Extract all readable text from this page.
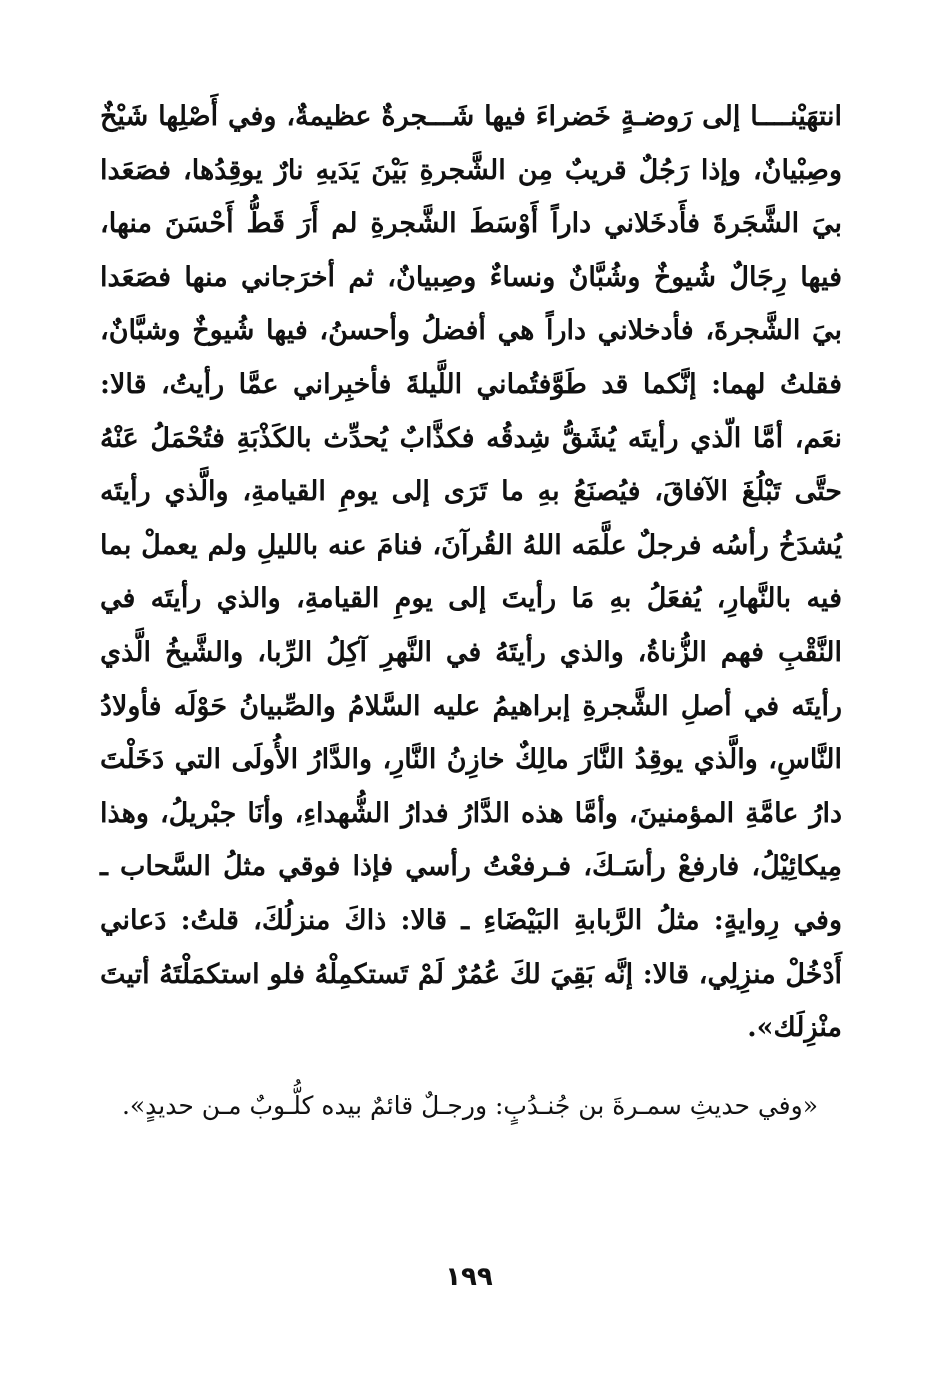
انتهَيْنــــا إلى رَوضـةٍ خَضراءَ فيها شَـــجرةٌ عظيمةٌ، وفي أَصْلِها شَيْخٌ وصِبْيانٌ، وإذا رَجُلٌ قريبٌ مِن الشَّجرةِ بَيْنَ يَدَيهِ نارٌ يوقِدُها، فصَعَدا بيَ الشَّجَرةَ فأَدخَلاني داراً أَوْسَطَ الشَّجرةِ لم أَرَ قَطُّ أَحْسَنَ منها، فيها رِجَالٌ شُيوخٌ وشُبَّانٌ ونساءٌ وصِبيانٌ، ثم أخرَجاني منها فصَعَدا بيَ الشَّجرةَ، فأدخلاني داراً هي أفضلُ وأحسنُ، فيها شُيوخٌ وشبَّانٌ، فقلتُ لهما: إنَّكما قد طَوَّفتُماني اللَّيلةَ فأخبِراني عمَّا رأيتُ، قالا: نعَم، أمَّا الّذي رأيتَه يُشَقُّ شِدقُه فكذَّابٌ يُحدِّث بالكَذْبَةِ فتُحْمَلُ عَنْهُ حتَّى تَبْلُغَ الآفاقَ، فيُصنَعُ بهِ ما تَرَى إلى يومِ القيامةِ، والَّذي رأيتَه يُشدَخُ رأسُه فرجلٌ علَّمَه اللهُ القُرآنَ، فنامَ عنه بالليلِ ولم يعملْ بما فيه بالنَّهارِ، يُفعَلُ بهِ مَا رأيتَ إلى يومِ القيامةِ، والذي رأيتَه في النَّقْبِ فهم الزُّناةُ، والذي رأيتَهُ في النَّهرِ آكِلُ الرِّبا، والشَّيخُ الَّذي رأيتَه في أصلِ الشَّجرةِ إبراهيمُ عليه السَّلامُ والصِّبيانُ حَوْلَه فأولادُ النَّاسِ، والَّذي يوقِدُ النَّارَ مالِكٌ خازِنُ النَّارِ، والدَّارُ الأُولَى التي دَخَلْتَ دارُ عامَّةِ المؤمنينَ، وأمَّا هذه الدَّارُ فدارُ الشُّهداءِ، وأنَا جبْريلُ، وهذا مِيكائِيْلُ، فارفعْ رأسَـكَ، فـرفعْتُ رأسي فإذا فوقي مثلُ السَّحاب ـ وفي رِوايةٍ: مثلُ الرَّبابةِ البَيْضَاءِ ـ قالا: ذاكَ منزلُكَ، قلتُ: دَعاني أَدْخُلْ منزِلِي، قالا: إنَّه بَقِيَ لكَ عُمُرٌ لَمْ تَستكمِلْهُ فلو استكمَلْتَهُ أتيتَ منْزِلَك».

«وفي حديثِ سمـرةَ بن جُنـدُبٍ: ورجـلٌ قائمٌ بيده كلُّـوبٌ مـن حديدٍ».

١٩٩
